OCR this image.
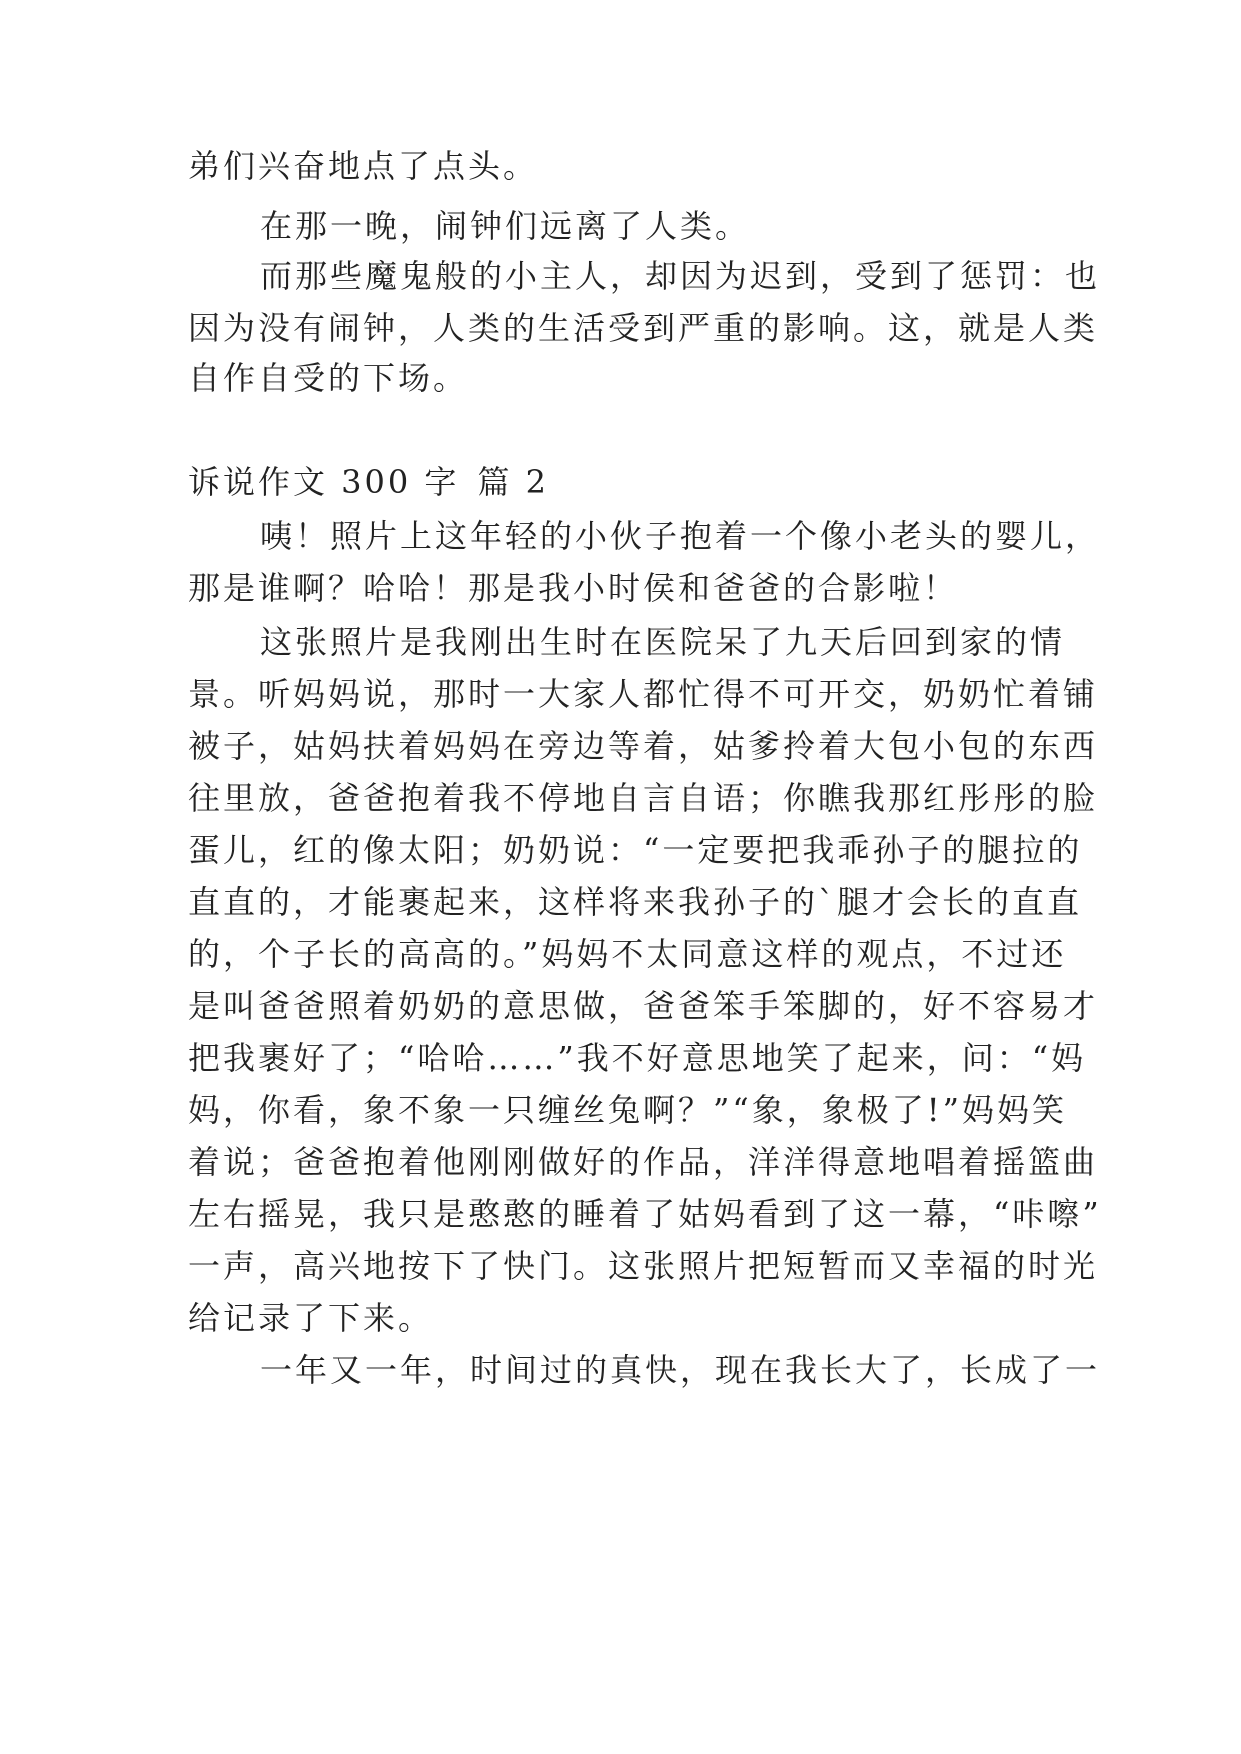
弟们兴奋地点了点头。
在那一晚，闹钟们远离了人类。
而那些魔鬼般的小主人，却因为迟到，受到了惩罚：也
因为没有闹钟，人类的生活受到严重的影响。这，就是人类
自作自受的下场。
诉说作文 300 字 篇 2
咦！照片上这年轻的小伙子抱着一个像小老头的婴儿，
那是谁啊？哈哈！那是我小时侯和爸爸的合影啦！
这张照片是我刚出生时在医院呆了九天后回到家的情
景。听妈妈说，那时一大家人都忙得不可开交，奶奶忙着铺
被子，姑妈扶着妈妈在旁边等着，姑爹拎着大包小包的东西
往里放，爸爸抱着我不停地自言自语；你瞧我那红彤彤的脸
蛋儿，红的像太阳；奶奶说：“一定要把我乖孙子的腿拉的
直直的，才能裹起来，这样将来我孙子的`腿才会长的直直
的，个子长的高高的。”妈妈不太同意这样的观点，不过还
是叫爸爸照着奶奶的意思做，爸爸笨手笨脚的，好不容易才
把我裹好了；“哈哈……”我不好意思地笑了起来，问：“妈
妈，你看，象不象一只缠丝兔啊？”“象，象极了!”妈妈笑
着说；爸爸抱着他刚刚做好的作品，洋洋得意地唱着摇篮曲
左右摇晃，我只是憨憨的睡着了姑妈看到了这一幕，“咔嚓”
一声，高兴地按下了快门。这张照片把短暂而又幸福的时光
给记录了下来。
一年又一年，时间过的真快，现在我长大了，长成了一
